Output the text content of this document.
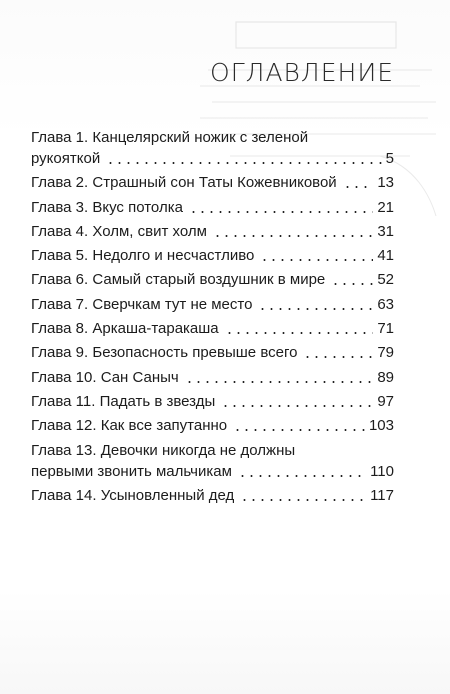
ОГЛАВЛЕНИЕ
Глава 1. Канцелярский ножик с зеленой
рукояткой	5
Глава 2. Страшный сон Таты Кожевниковой	13
Глава 3. Вкус потолка	21
Глава 4. Холм, свит холм	31
Глава 5. Недолго и несчастливо	41
Глава 6. Самый старый воздушник в мире	52
Глава 7. Сверчкам тут не место	63
Глава 8. Аркаша-таракаша	71
Глава 9. Безопасность превыше всего	79
Глава 10. Сан Саныч	89
Глава 11. Падать в звезды	97
Глава 12. Как все запутанно	103
Глава 13. Девочки никогда не должны
первыми звонить мальчикам	110
Глава 14. Усыновленный дед	117
